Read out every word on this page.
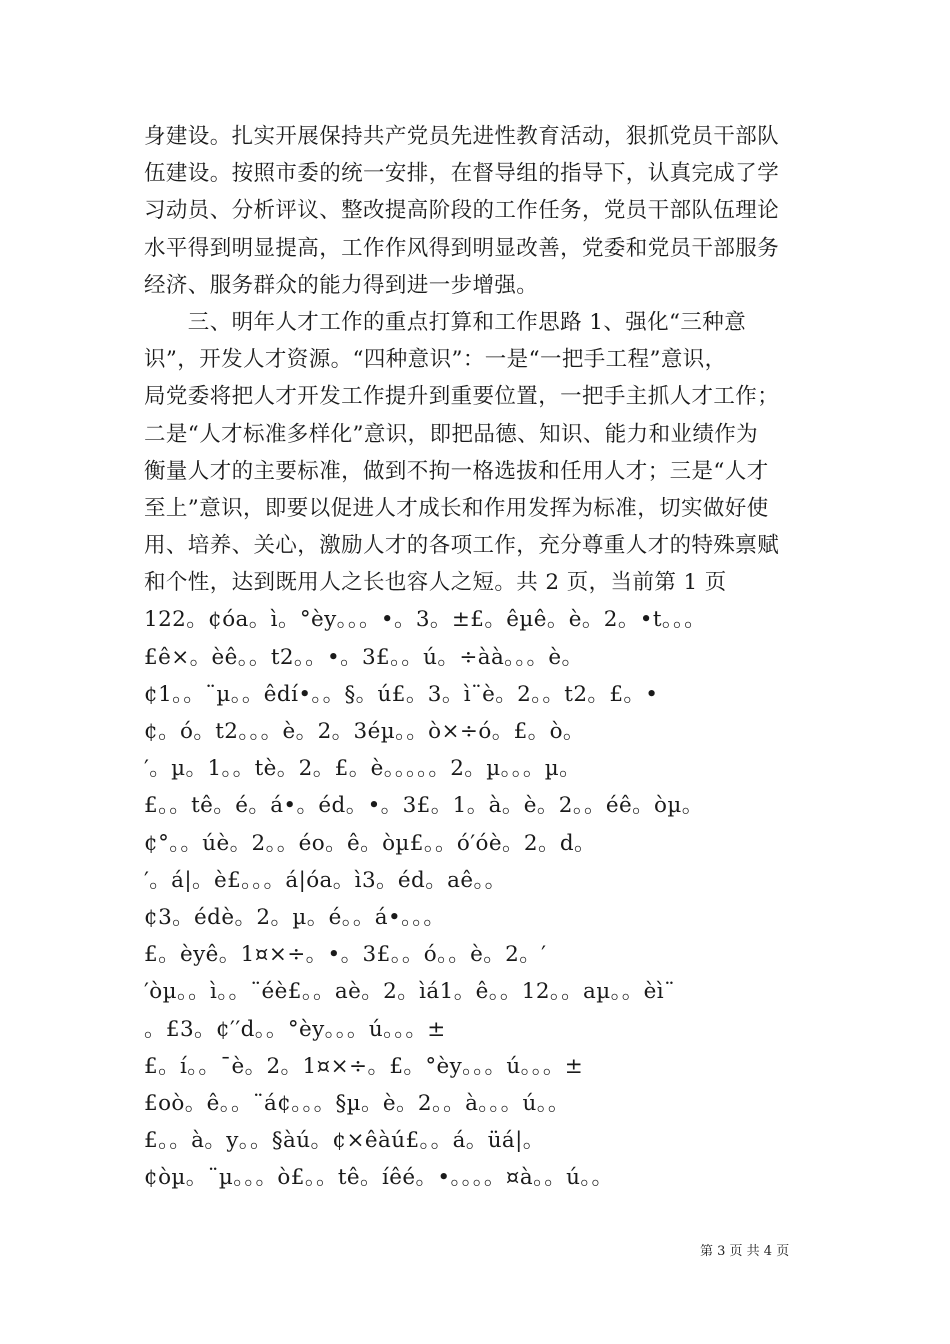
身建设。扎实开展保持共产党员先进性教育活动，狠抓党员干部队
伍建设。按照市委的统一安排，在督导组的指导下，认真完成了学
习动员、分析评议、整改提高阶段的工作任务，党员干部队伍理论
水平得到明显提高，工作作风得到明显改善，党委和党员干部服务
经济、服务群众的能力得到进一步增强。
　　三、明年人才工作的重点打算和工作思路 1、强化“三种意
识”，开发人才资源。“四种意识”：一是“一把手工程”意识，
局党委将把人才开发工作提升到重要位置，一把手主抓人才工作；
二是“人才标准多样化”意识，即把品德、知识、能力和业绩作为
衡量人才的主要标准，做到不拘一格选拔和任用人才；三是“人才
至上”意识，即要以促进人才成长和作用发挥为标准，切实做好使
用、培养、关心，激励人才的各项工作，充分尊重人才的特殊禀赋
和个性，达到既用人之长也容人之短。共 2 页，当前第 1 页
122。¢óa。ì。°èy。。。•。3。±£。êµê。è。2。•t。。。
£ê×。èê。。t2。。•。3£。。ú。÷àà。。。è。
¢1。。¨µ。。êdí•。。§。ú£。3。ì¨è。2。。t2。£。•
¢。ó。t2。。。è。2。3éµ。。ò×÷ó。£。ò。
′。µ。1。。tè。2。£。è。。。。。2。µ。。。µ。
£。。tê。é。á•。éd。•。3£。1。à。è。2。。éê。òµ。
¢°。。úè。2。。éo。ê。òµ£。。ó′óè。2。d。
′。á|。è£。。。á|óa。ì3。éd。aê。。
¢3。édè。2。µ。é。。á•。。。
£。èyê。1¤×÷。•。3£。。ó。。è。2。′
′òµ。。ì。。¨éè£。。aè。2。ìá1。ê。。12。。aµ。。èì¨
。£3。¢′′d。。°èy。。。ú。。。±
£。í。。¯è。2。1¤×÷。£。°èy。。。ú。。。±
£oò。ê。。¨á¢。。。§µ。è。2。。à。。。ú。。
£。。à。y。。§àú。¢×êàú£。。á。üá|。
¢òµ。¨µ。。。ò£。。tê。íêé。•。。。。¤à。。ú。。
第 3 页 共 4 页
